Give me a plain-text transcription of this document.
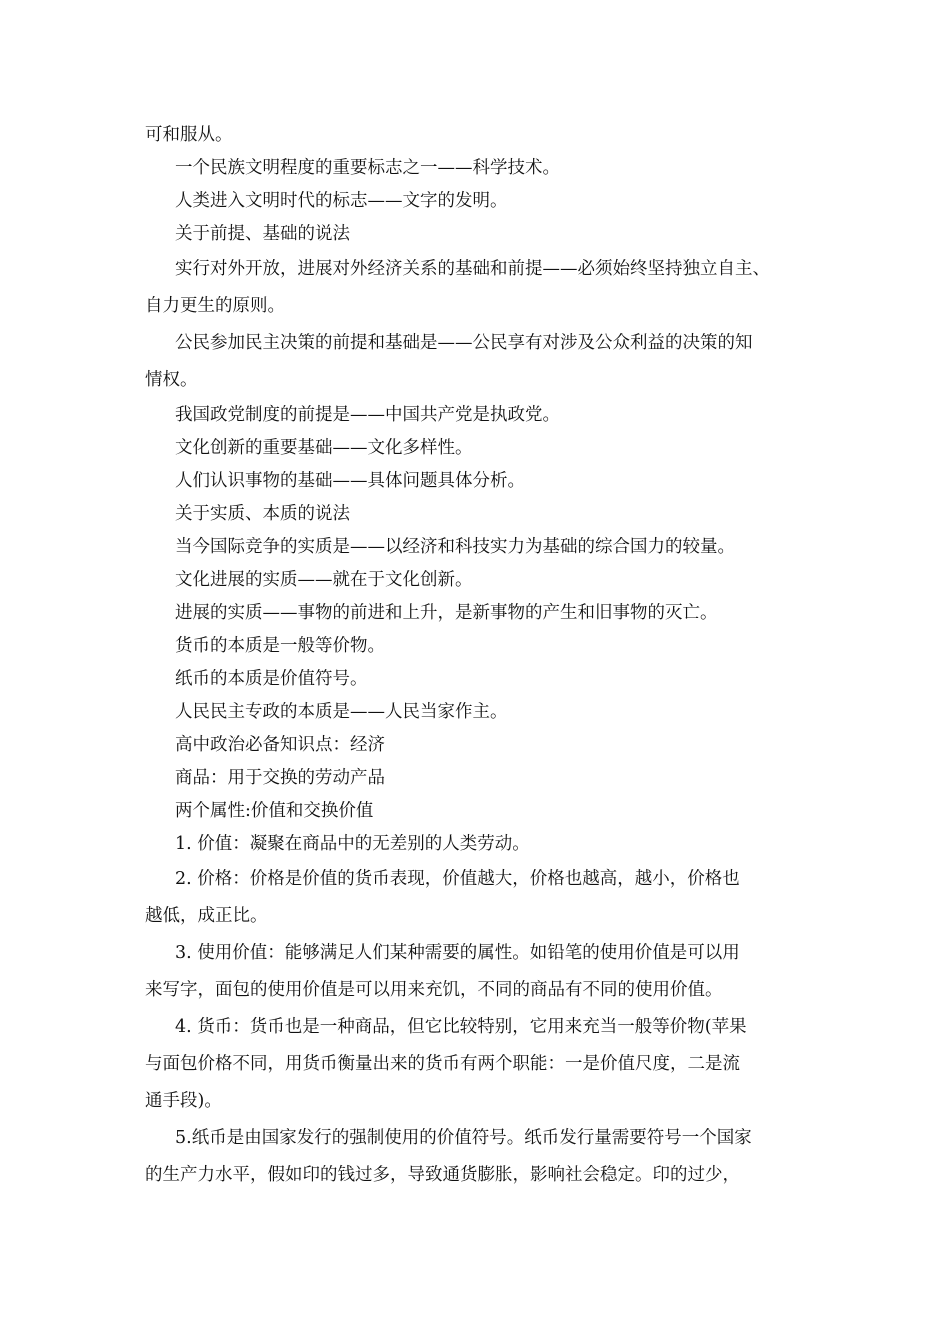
可和服从。
一个民族文明程度的重要标志之一——科学技术。
人类进入文明时代的标志——文字的发明。
关于前提、基础的说法
实行对外开放，进展对外经济关系的基础和前提——必须始终坚持独立自主、
自力更生的原则。
公民参加民主决策的前提和基础是——公民享有对涉及公众利益的决策的知
情权。
我国政党制度的前提是——中国共产党是执政党。
文化创新的重要基础——文化多样性。
人们认识事物的基础——具体问题具体分析。
关于实质、本质的说法
当今国际竞争的实质是——以经济和科技实力为基础的综合国力的较量。
文化进展的实质——就在于文化创新。
进展的实质——事物的前进和上升，是新事物的产生和旧事物的灭亡。
货币的本质是一般等价物。
纸币的本质是价值符号。
人民民主专政的本质是——人民当家作主。
高中政治必备知识点：经济
商品：用于交换的劳动产品
两个属性:价值和交换价值
1. 价值：凝聚在商品中的无差别的人类劳动。
2. 价格：价格是价值的货币表现，价值越大，价格也越高，越小，价格也
越低，成正比。
3. 使用价值：能够满足人们某种需要的属性。如铅笔的使用价值是可以用
来写字，面包的使用价值是可以用来充饥，不同的商品有不同的使用价值。
4. 货币：货币也是一种商品，但它比较特别，它用来充当一般等价物(苹果
与面包价格不同，用货币衡量出来的货币有两个职能：一是价值尺度，二是流
通手段)。
5.纸币是由国家发行的强制使用的价值符号。纸币发行量需要符号一个国家
的生产力水平，假如印的钱过多，导致通货膨胀，影响社会稳定。印的过少，
